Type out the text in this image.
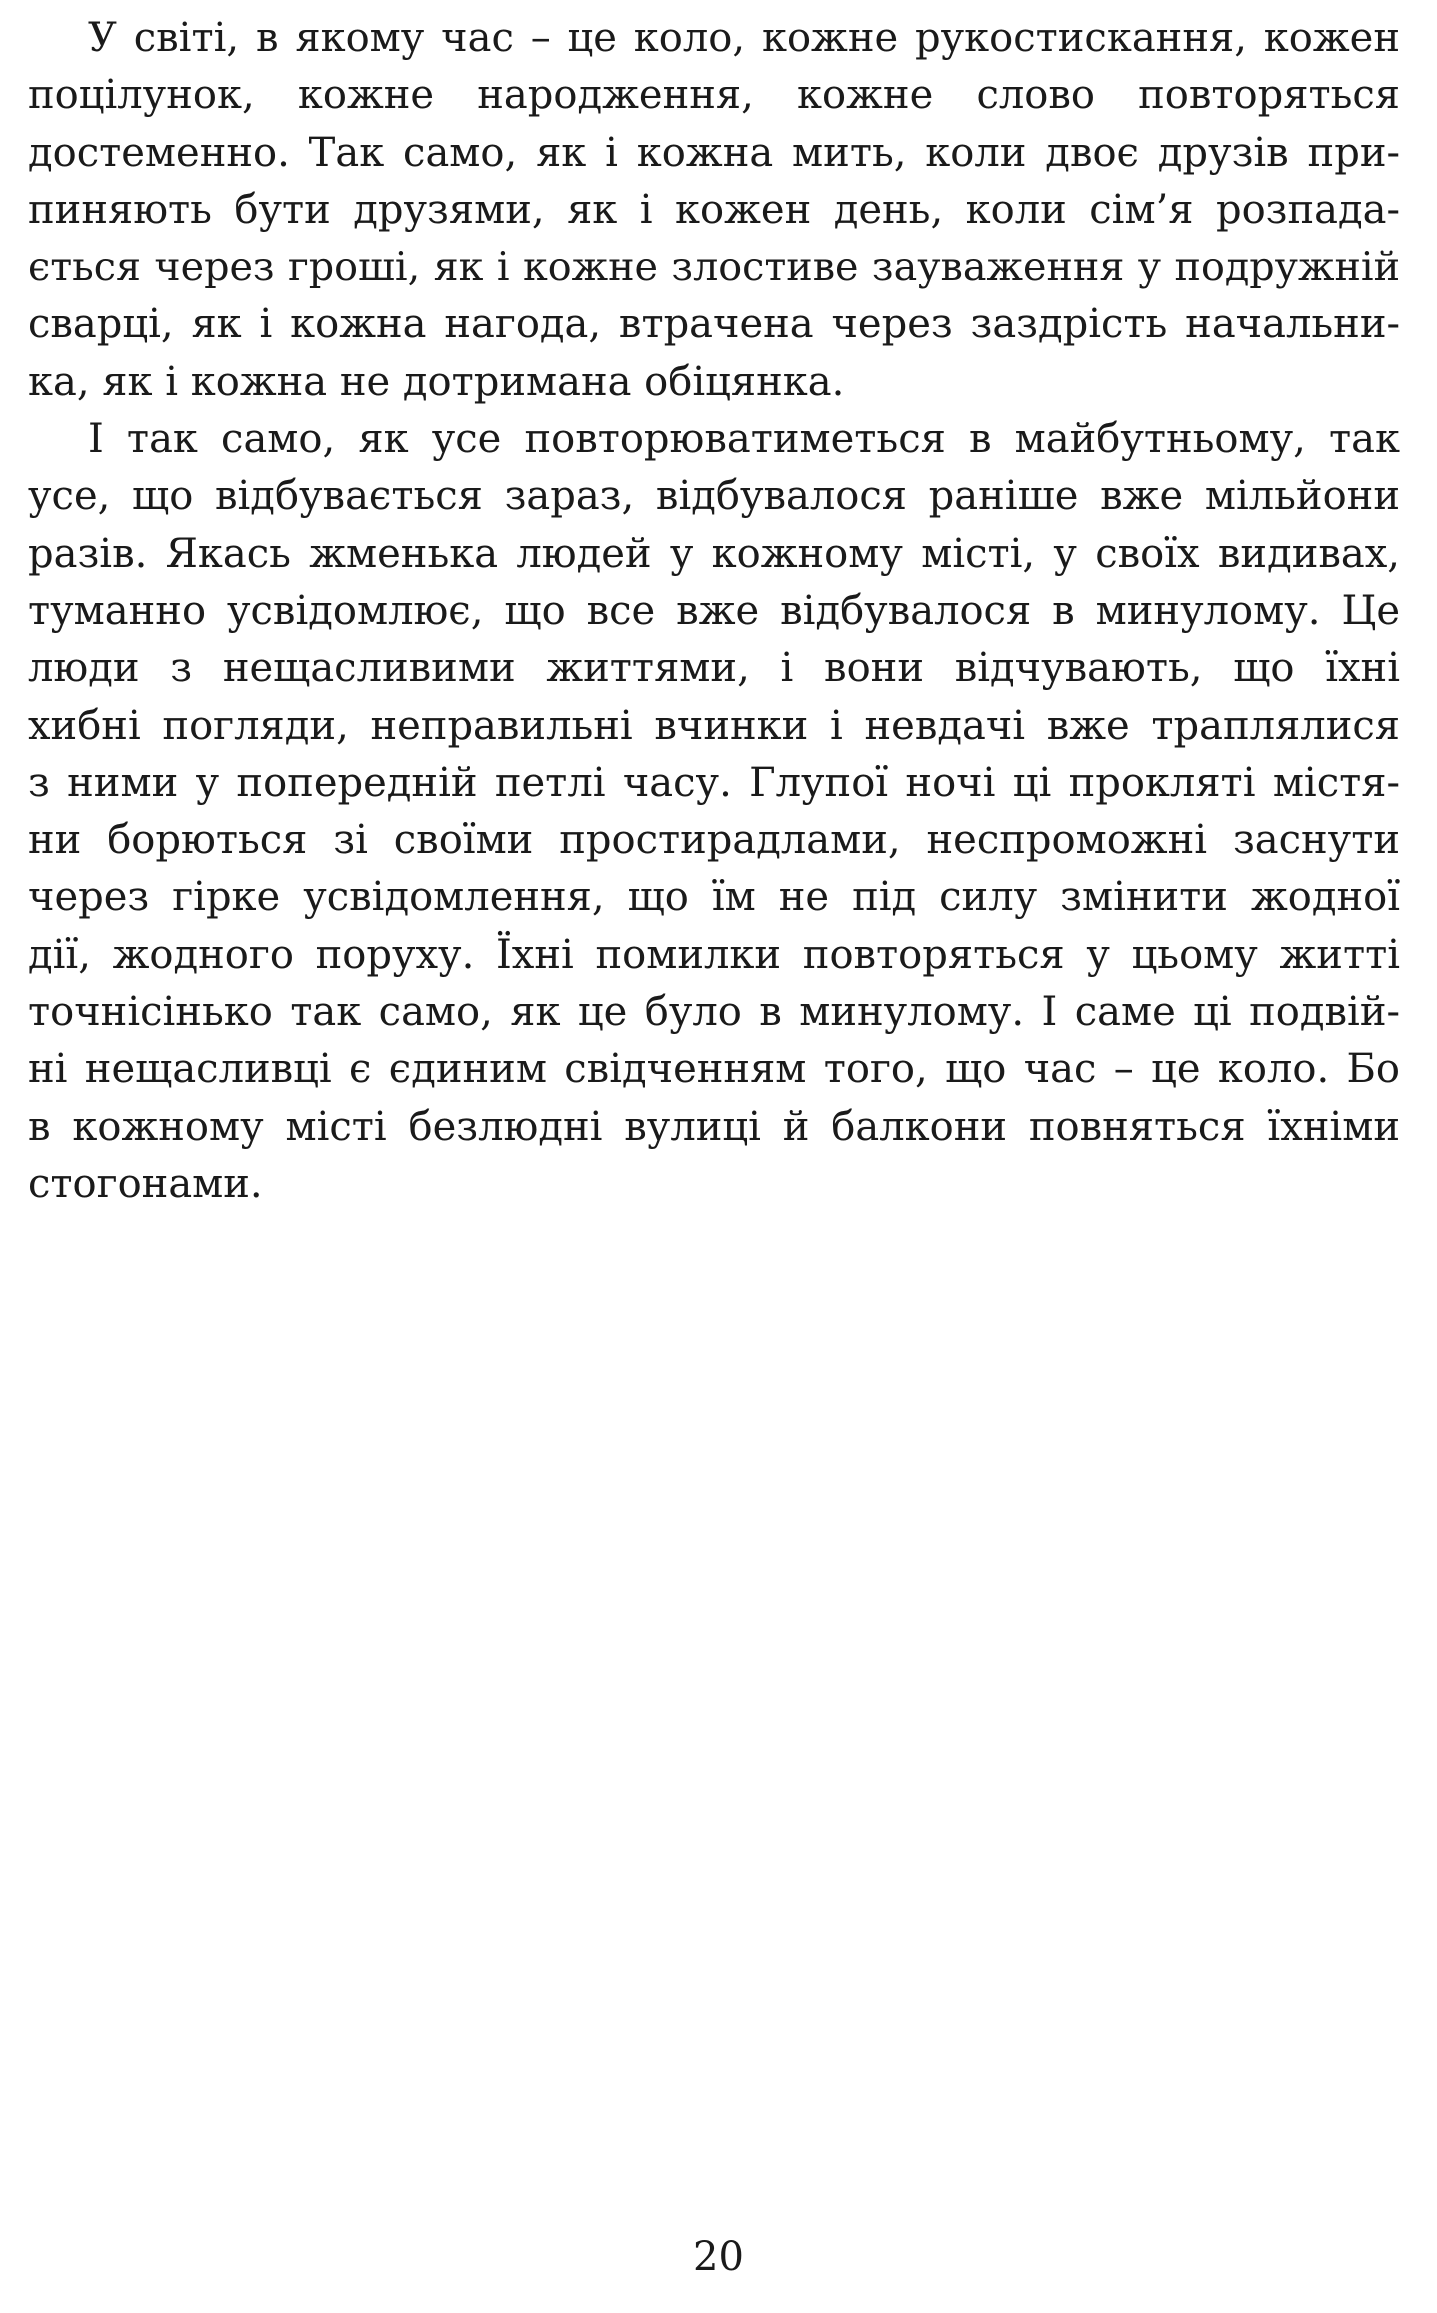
У світі, в якому час – це коло, кожне рукостискання, кожен
поцілунок, кожне народження, кожне слово повторяться
достеменно. Так само, як і кожна мить, коли двоє друзів при-
пиняють бути друзями, як і кожен день, коли сім’я розпада-
ється через гроші, як і кожне злостиве зауваження у подружній
сварці, як і кожна нагода, втрачена через заздрість начальни-
ка, як і кожна не дотримана обіцянка.
І так само, як усе повторюватиметься в майбутньому, так
усе, що відбувається зараз, відбувалося раніше вже мільйони
разів. Якась жменька людей у кожному місті, у своїх видивах,
туманно усвідомлює, що все вже відбувалося в минулому. Це
люди з нещасливими життями, і вони відчувають, що їхні
хибні погляди, неправильні вчинки і невдачі вже траплялися
з ними у попередній петлі часу. Глупої ночі ці прокляті містя-
ни борються зі своїми простирадлами, неспроможні заснути
через гірке усвідомлення, що їм не під силу змінити жодної
дії, жодного поруху. Їхні помилки повторяться у цьому житті
точнісінько так само, як це було в минулому. І саме ці подвій-
ні нещасливці є єдиним свідченням того, що час – це коло. Бо
в кожному місті безлюдні вулиці й балкони повняться їхніми
стогонами.
20
